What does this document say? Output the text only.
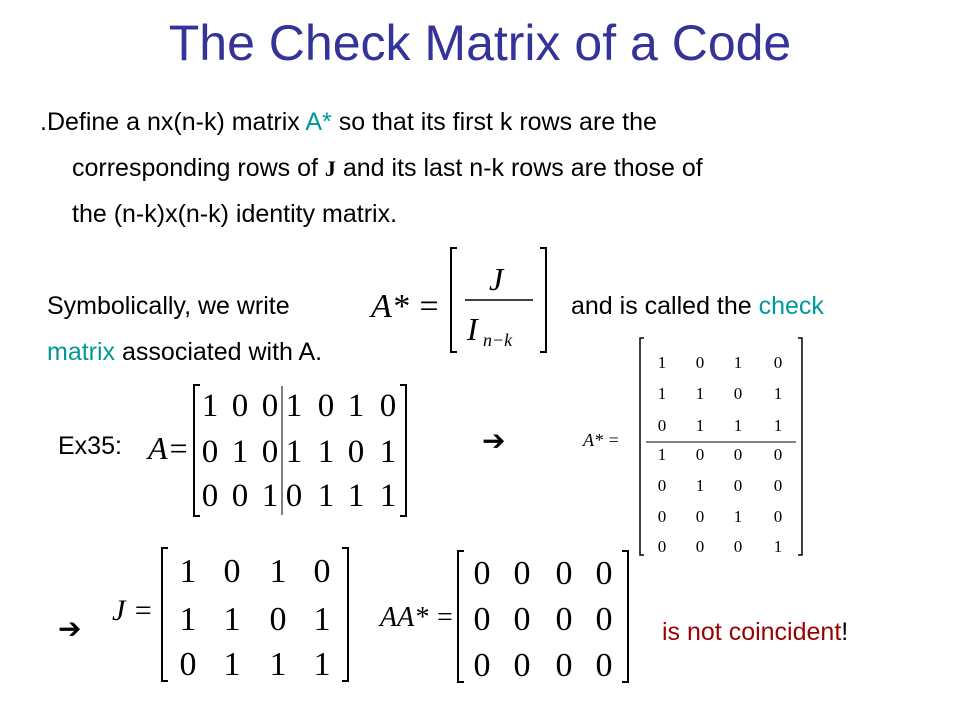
The Check Matrix of a Code
.Define a nx(n-k) matrix A* so that its first k rows are the
corresponding rows of J and its last n-k rows are those of
the (n-k)x(n-k) identity matrix.
Symbolically, we write	and is called the check
matrix associated with A.
A* =
J
I n−k
Ex35: A=
1 0 0 1 0 1 0
0 1 0 1 1 0 1
0 0 1 0 1 1 1
➔	A* =
1 0 1 0
1 1 0 1
0 1 1 1
1 0 0 0
0 1 0 0
0 0 1 0
0 0 0 1
➔
J =
1 0 1 0
1 1 0 1
0 1 1 1
AA* =
0 0 0 0
0 0 0 0
0 0 0 0
is not coincident!
